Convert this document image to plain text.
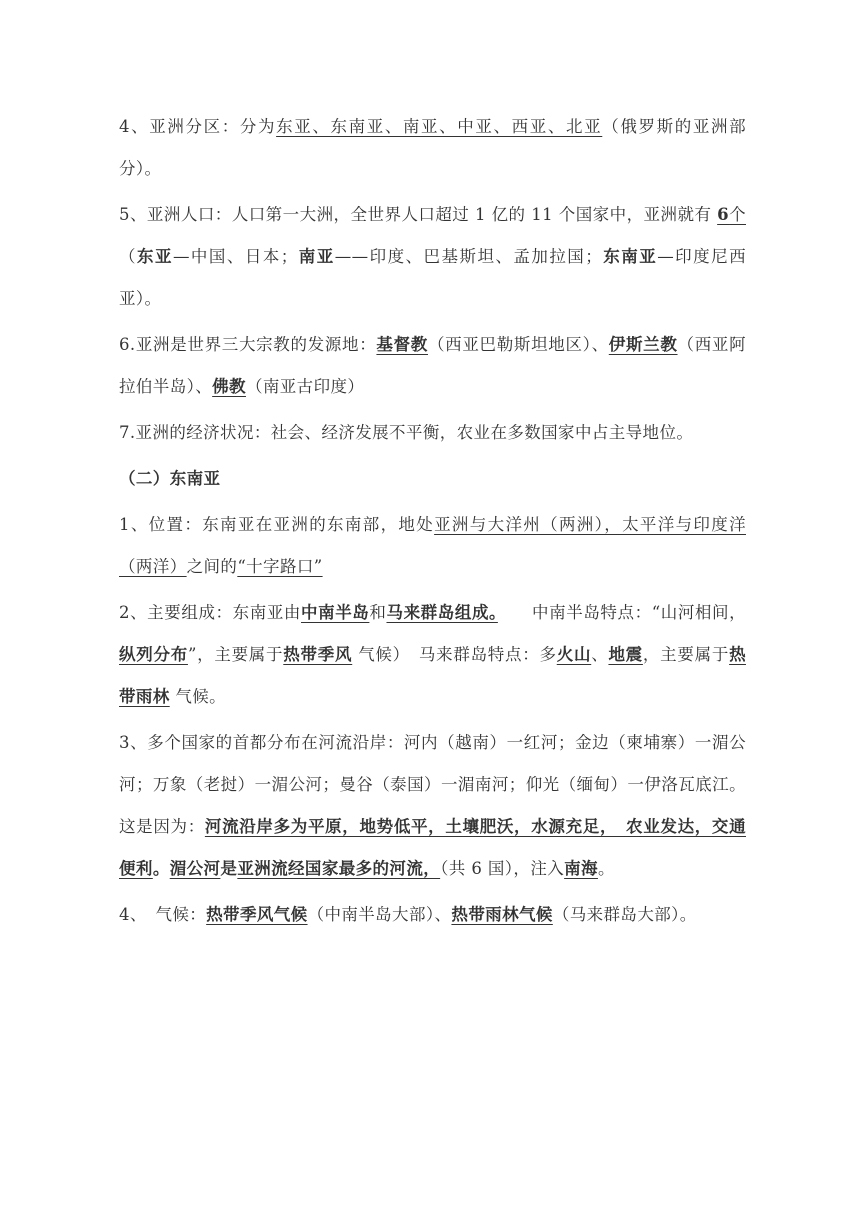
4、亚洲分区：分为东亚、东南亚、南亚、中亚、西亚、北亚（俄罗斯的亚洲部分）。

5、亚洲人口：人口第一大洲，全世界人口超过 1 亿的 11 个国家中，亚洲就有 6个（东亚—中国、日本；南亚——印度、巴基斯坦、孟加拉国；东南亚—印度尼西亚）。

6.亚洲是世界三大宗教的发源地：基督教（西亚巴勒斯坦地区）、伊斯兰教（西亚阿拉伯半岛）、佛教（南亚古印度）

7.亚洲的经济状况：社会、经济发展不平衡，农业在多数国家中占主导地位。

（二）东南亚

1、位置：东南亚在亚洲的东南部，地处亚洲与大洋州（两洲），太平洋与印度洋（两洋）之间的“十字路口”

2、主要组成：东南亚由中南半岛和马来群岛组成。　　中南半岛特点：“山河相间，纵列分布”，主要属于热带季风 气候）　马来群岛特点：多火山、地震，主要属于热带雨林 气候。

3、多个国家的首都分布在河流沿岸：河内（越南）一红河；金边（柬埔寨）一湄公河；万象（老挝）一湄公河；曼谷（泰国）一湄南河；仰光（缅甸）一伊洛瓦底江。这是因为：河流沿岸多为平原，地势低平，土壤肥沃，水源充足，　农业发达，交通便利。湄公河是亚洲流经国家最多的河流，（共 6 国），注入南海。

4、　气候：热带季风气候（中南半岛大部）、热带雨林气候（马来群岛大部）。
